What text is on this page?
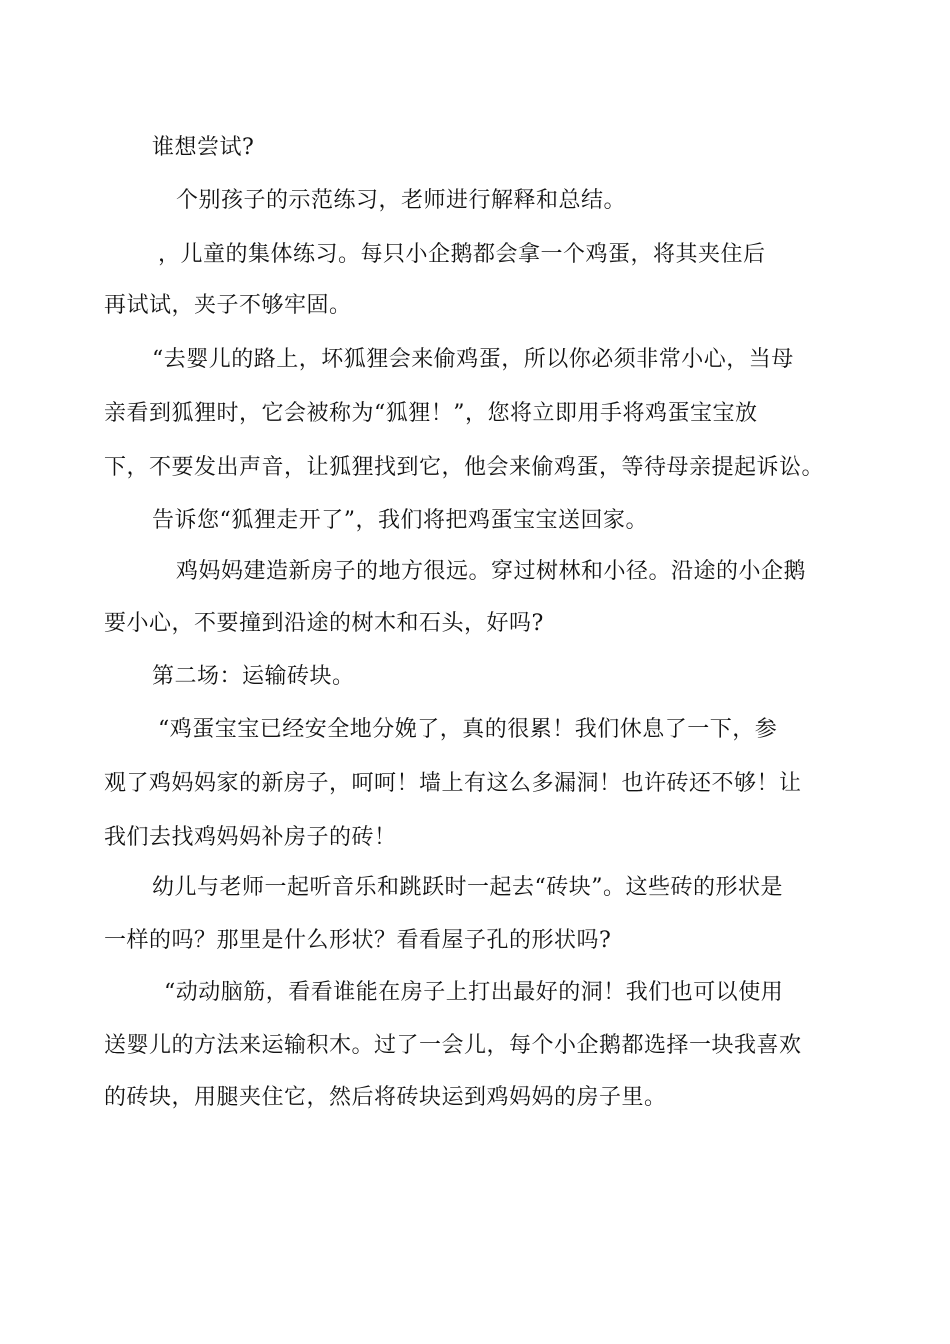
谁想尝试?
个别孩子的示范练习，老师进行解释和总结。
，儿童的集体练习。每只小企鹅都会拿一个鸡蛋，将其夹住后
再试试，夹子不够牢固。
“去婴儿的路上，坏狐狸会来偷鸡蛋，所以你必须非常小心，当母
亲看到狐狸时，它会被称为“狐狸！”，您将立即用手将鸡蛋宝宝放
下，不要发出声音，让狐狸找到它，他会来偷鸡蛋，等待母亲提起诉讼。
告诉您“狐狸走开了”，我们将把鸡蛋宝宝送回家。
鸡妈妈建造新房子的地方很远。穿过树林和小径。沿途的小企鹅
要小心，不要撞到沿途的树木和石头，好吗?
第二场：运输砖块。
“鸡蛋宝宝已经安全地分娩了，真的很累！我们休息了一下，参
观了鸡妈妈家的新房子，呵呵！墙上有这么多漏洞！也许砖还不够！让
我们去找鸡妈妈补房子的砖！
幼儿与老师一起听音乐和跳跃时一起去“砖块”。这些砖的形状是
一样的吗？那里是什么形状？看看屋子孔的形状吗?
“动动脑筋，看看谁能在房子上打出最好的洞！我们也可以使用
送婴儿的方法来运输积木。过了一会儿，每个小企鹅都选择一块我喜欢
的砖块，用腿夹住它，然后将砖块运到鸡妈妈的房子里。
